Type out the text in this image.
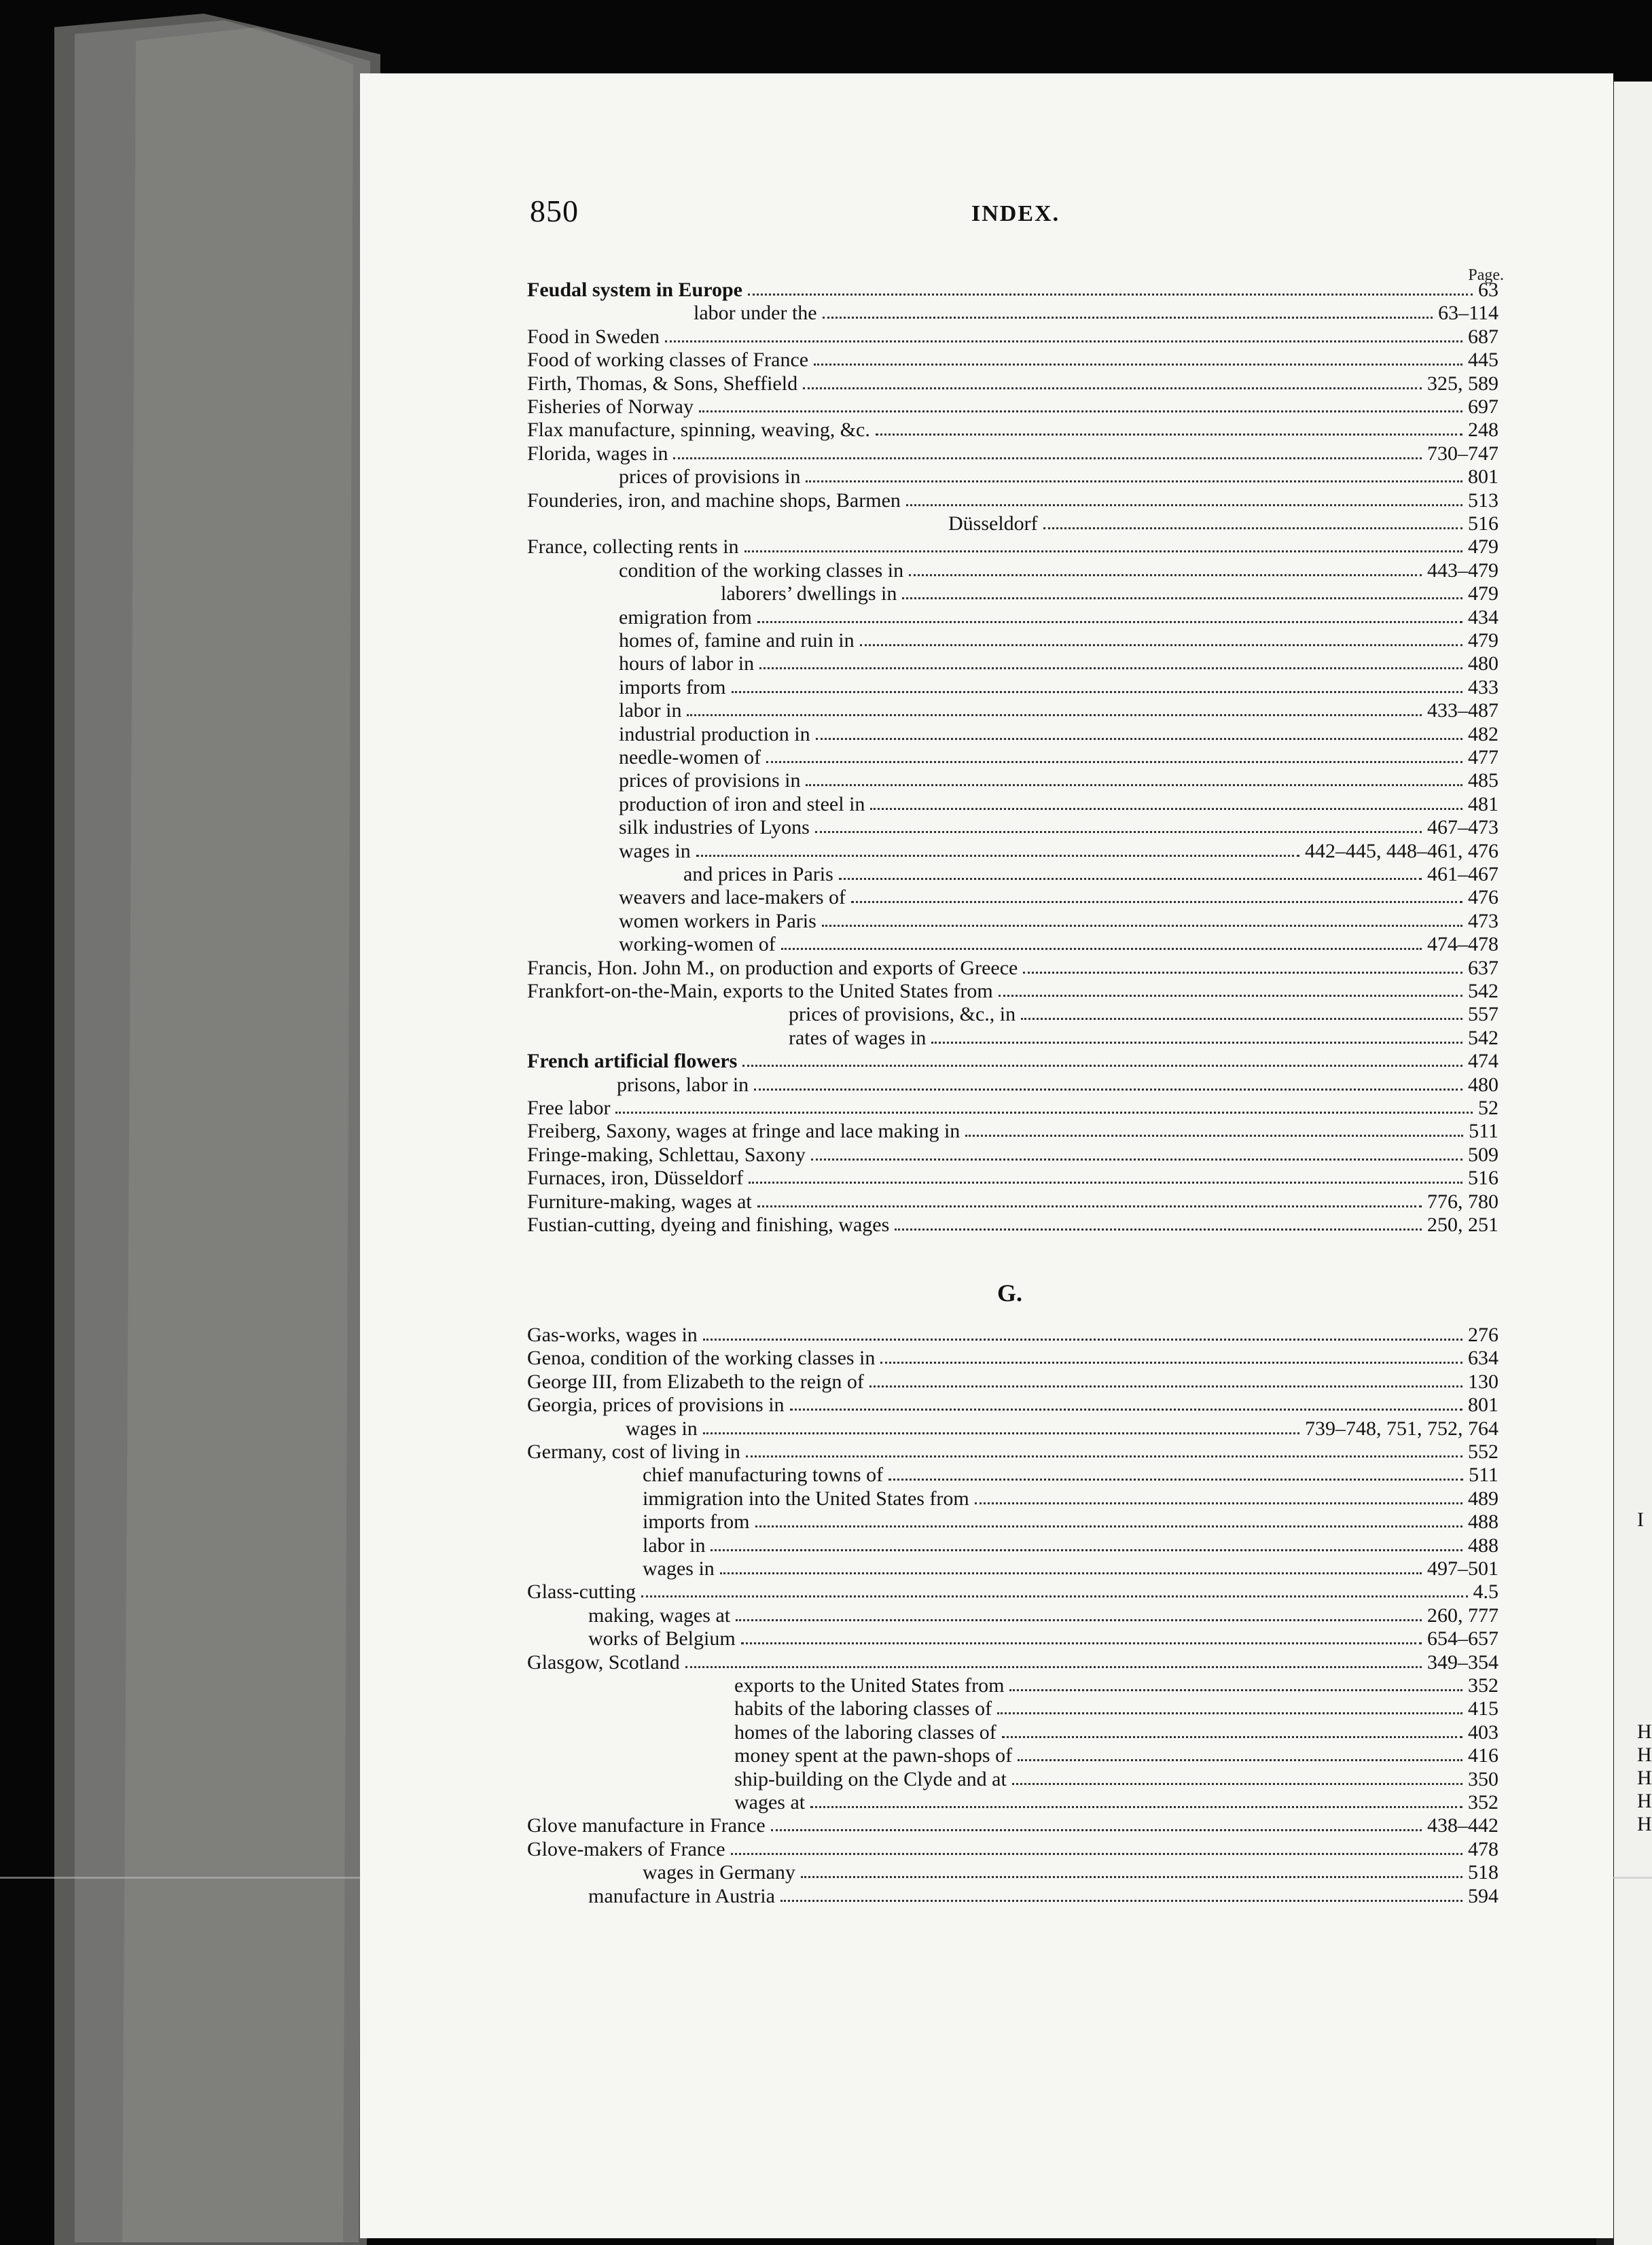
850	INDEX.
Page.
Feudal system in Europe	63
labor under the	63–114
Food in Sweden	687
Food of working classes of France	445
Firth, Thomas, & Sons, Sheffield	325, 589
Fisheries of Norway	697
Flax manufacture, spinning, weaving, &c.	248
Florida, wages in	730–747
prices of provisions in	801
Founderies, iron, and machine shops, Barmen	513
Düsseldorf	516
France, collecting rents in	479
condition of the working classes in	443–479
laborers’ dwellings in	479
emigration from	434
homes of, famine and ruin in	479
hours of labor in	480
imports from	433
labor in	433–487
industrial production in	482
needle-women of	477
prices of provisions in	485
production of iron and steel in	481
silk industries of Lyons	467–473
wages in	442–445, 448–461, 476
and prices in Paris	461–467
weavers and lace-makers of	476
women workers in Paris	473
working-women of	474–478
Francis, Hon. John M., on production and exports of Greece	637
Frankfort-on-the-Main, exports to the United States from	542
prices of provisions, &c., in	557
rates of wages in	542
French artificial flowers	474
prisons, labor in	480
Free labor	52
Freiberg, Saxony, wages at fringe and lace making in	511
Fringe-making, Schlettau, Saxony	509
Furnaces, iron, Düsseldorf	516
Furniture-making, wages at	776, 780
Fustian-cutting, dyeing and finishing, wages	250, 251
G.
Gas-works, wages in	276
Genoa, condition of the working classes in	634
George III, from Elizabeth to the reign of	130
Georgia, prices of provisions in	801
wages in	739–748, 751, 752, 764
Germany, cost of living in	552
chief manufacturing towns of	511
immigration into the United States from	489
imports from	488
labor in	488
wages in	497–501
Glass-cutting	4.5
making, wages at	260, 777
works of Belgium	654–657
Glasgow, Scotland	349–354
exports to the United States from	352
habits of the laboring classes of	415
homes of the laboring classes of	403
money spent at the pawn-shops of	416
ship-building on the Clyde and at	350
wages at	352
Glove manufacture in France	438–442
Glove-makers of France	478
wages in Germany	518
manufacture in Austria	594
I
H
H
H
H
H
